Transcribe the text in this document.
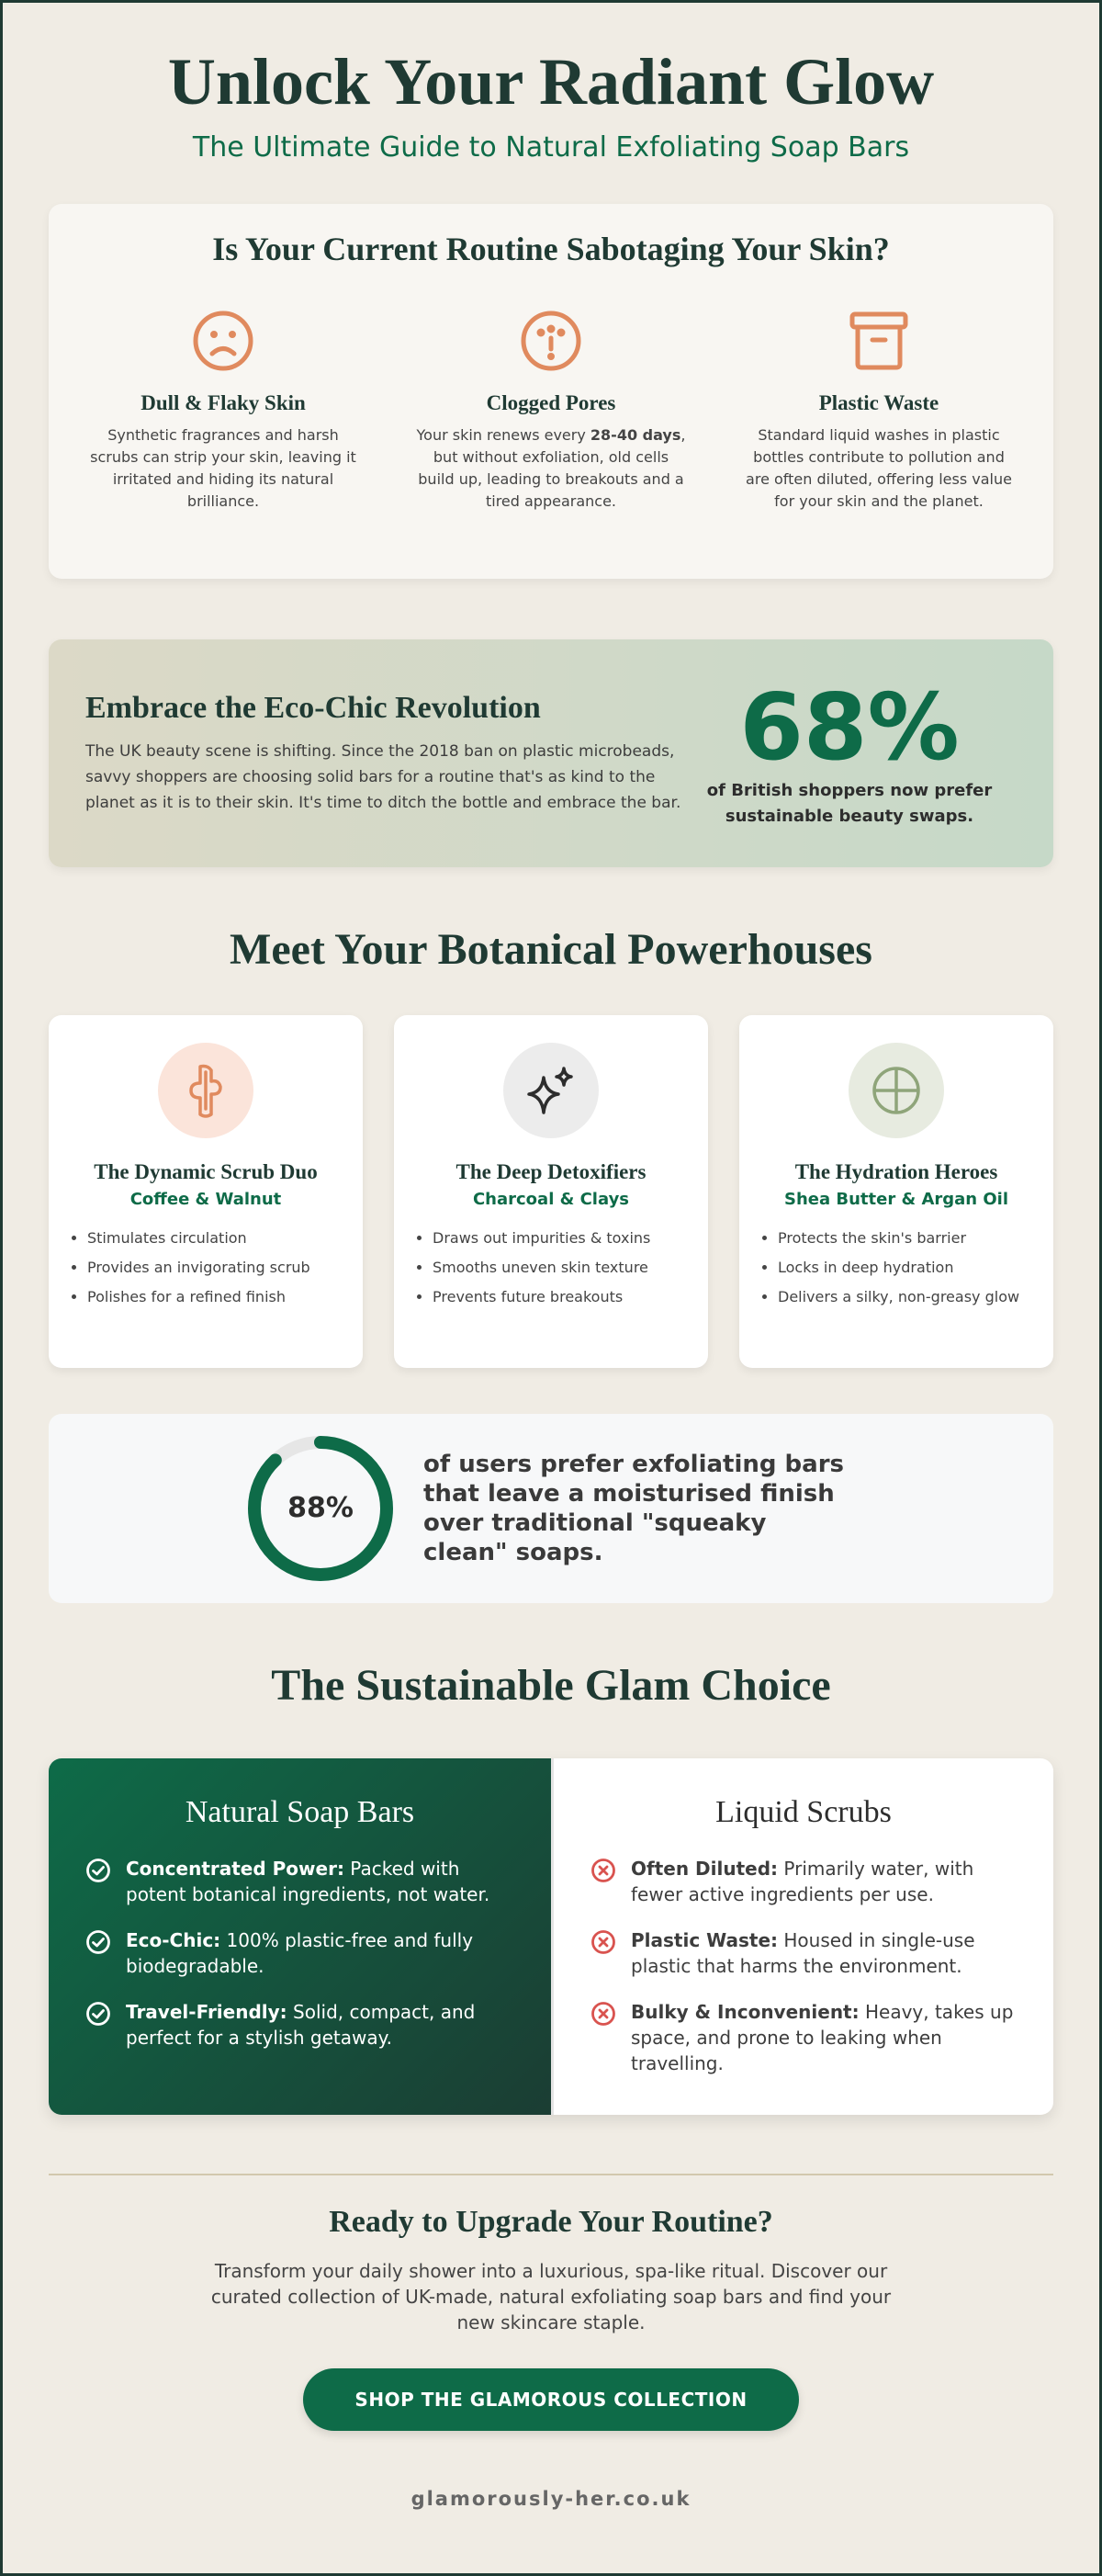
Unlock Your Radiant Glow
The Ultimate Guide to Natural Exfoliating Soap Bars
Is Your Current Routine Sabotaging Your Skin?
Dull & Flaky Skin

Synthetic fragrances and harsh scrubs can strip your skin, leaving it irritated and hiding its natural brilliance.

Clogged Pores

Your skin renews every 28-40 days, but without exfoliation, old cells build up, leading to breakouts and a tired appearance.

Plastic Waste

Standard liquid washes in plastic bottles contribute to pollution and are often diluted, offering less value for your skin and the planet.

Embrace the Eco-Chic Revolution

The UK beauty scene is shifting. Since the 2018 ban on plastic microbeads, savvy shoppers are choosing solid bars for a routine that's as kind to the planet as it is to their skin. It's time to ditch the bottle and embrace the bar.

68%
of British shoppers now prefer sustainable beauty swaps.
Meet Your Botanical Powerhouses
The Dynamic Scrub Duo
Coffee & Walnut
• Stimulates circulation
• Provides an invigorating scrub
• Polishes for a refined finish
The Deep Detoxifiers
Charcoal & Clays
• Draws out impurities & toxins
• Smooths uneven skin texture
• Prevents future breakouts
The Hydration Heroes
Shea Butter & Argan Oil
• Protects the skin's barrier
• Locks in deep hydration
• Delivers a silky, non-greasy glow
88%
of users prefer exfoliating bars that leave a moisturised finish over traditional "squeaky clean" soaps.
The Sustainable Glam Choice
Natural Soap Bars
Concentrated Power: Packed with potent botanical ingredients, not water.
Eco-Chic: 100% plastic-free and fully biodegradable.
Travel-Friendly: Solid, compact, and perfect for a stylish getaway.
Liquid Scrubs
Often Diluted: Primarily water, with fewer active ingredients per use.
Plastic Waste: Housed in single-use plastic that harms the environment.
Bulky & Inconvenient: Heavy, takes up space, and prone to leaking when travelling.
Ready to Upgrade Your Routine?

Transform your daily shower into a luxurious, spa-like ritual. Discover our curated collection of UK-made, natural exfoliating soap bars and find your new skincare staple.

SHOP THE GLAMOROUS COLLECTION
glamorously-her.co.uk
